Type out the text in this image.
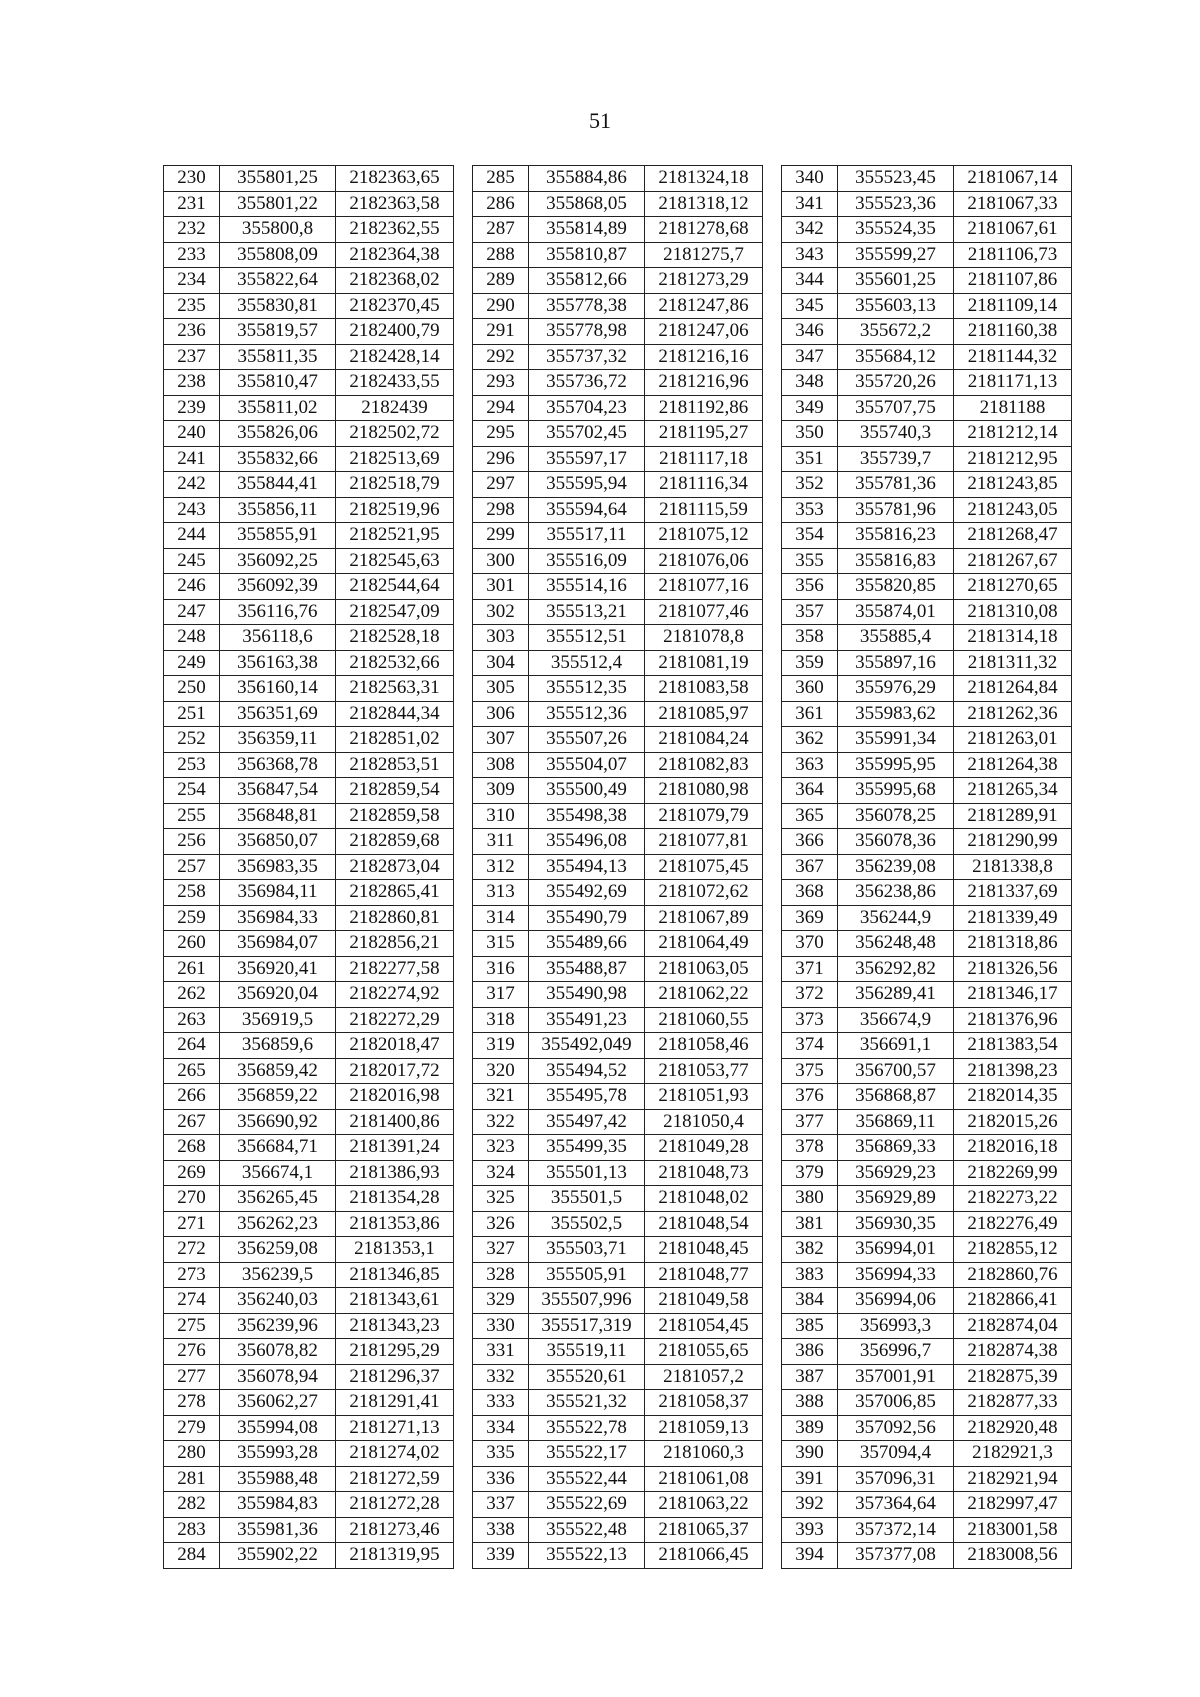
51
230	355801,25	2182363,65
231	355801,22	2182363,58
232	355800,8	2182362,55
233	355808,09	2182364,38
234	355822,64	2182368,02
235	355830,81	2182370,45
236	355819,57	2182400,79
237	355811,35	2182428,14
238	355810,47	2182433,55
239	355811,02	2182439
240	355826,06	2182502,72
241	355832,66	2182513,69
242	355844,41	2182518,79
243	355856,11	2182519,96
244	355855,91	2182521,95
245	356092,25	2182545,63
246	356092,39	2182544,64
247	356116,76	2182547,09
248	356118,6	2182528,18
249	356163,38	2182532,66
250	356160,14	2182563,31
251	356351,69	2182844,34
252	356359,11	2182851,02
253	356368,78	2182853,51
254	356847,54	2182859,54
255	356848,81	2182859,58
256	356850,07	2182859,68
257	356983,35	2182873,04
258	356984,11	2182865,41
259	356984,33	2182860,81
260	356984,07	2182856,21
261	356920,41	2182277,58
262	356920,04	2182274,92
263	356919,5	2182272,29
264	356859,6	2182018,47
265	356859,42	2182017,72
266	356859,22	2182016,98
267	356690,92	2181400,86
268	356684,71	2181391,24
269	356674,1	2181386,93
270	356265,45	2181354,28
271	356262,23	2181353,86
272	356259,08	2181353,1
273	356239,5	2181346,85
274	356240,03	2181343,61
275	356239,96	2181343,23
276	356078,82	2181295,29
277	356078,94	2181296,37
278	356062,27	2181291,41
279	355994,08	2181271,13
280	355993,28	2181274,02
281	355988,48	2181272,59
282	355984,83	2181272,28
283	355981,36	2181273,46
284	355902,22	2181319,95
285	355884,86	2181324,18
286	355868,05	2181318,12
287	355814,89	2181278,68
288	355810,87	2181275,7
289	355812,66	2181273,29
290	355778,38	2181247,86
291	355778,98	2181247,06
292	355737,32	2181216,16
293	355736,72	2181216,96
294	355704,23	2181192,86
295	355702,45	2181195,27
296	355597,17	2181117,18
297	355595,94	2181116,34
298	355594,64	2181115,59
299	355517,11	2181075,12
300	355516,09	2181076,06
301	355514,16	2181077,16
302	355513,21	2181077,46
303	355512,51	2181078,8
304	355512,4	2181081,19
305	355512,35	2181083,58
306	355512,36	2181085,97
307	355507,26	2181084,24
308	355504,07	2181082,83
309	355500,49	2181080,98
310	355498,38	2181079,79
311	355496,08	2181077,81
312	355494,13	2181075,45
313	355492,69	2181072,62
314	355490,79	2181067,89
315	355489,66	2181064,49
316	355488,87	2181063,05
317	355490,98	2181062,22
318	355491,23	2181060,55
319	355492,049	2181058,46
320	355494,52	2181053,77
321	355495,78	2181051,93
322	355497,42	2181050,4
323	355499,35	2181049,28
324	355501,13	2181048,73
325	355501,5	2181048,02
326	355502,5	2181048,54
327	355503,71	2181048,45
328	355505,91	2181048,77
329	355507,996	2181049,58
330	355517,319	2181054,45
331	355519,11	2181055,65
332	355520,61	2181057,2
333	355521,32	2181058,37
334	355522,78	2181059,13
335	355522,17	2181060,3
336	355522,44	2181061,08
337	355522,69	2181063,22
338	355522,48	2181065,37
339	355522,13	2181066,45
340	355523,45	2181067,14
341	355523,36	2181067,33
342	355524,35	2181067,61
343	355599,27	2181106,73
344	355601,25	2181107,86
345	355603,13	2181109,14
346	355672,2	2181160,38
347	355684,12	2181144,32
348	355720,26	2181171,13
349	355707,75	2181188
350	355740,3	2181212,14
351	355739,7	2181212,95
352	355781,36	2181243,85
353	355781,96	2181243,05
354	355816,23	2181268,47
355	355816,83	2181267,67
356	355820,85	2181270,65
357	355874,01	2181310,08
358	355885,4	2181314,18
359	355897,16	2181311,32
360	355976,29	2181264,84
361	355983,62	2181262,36
362	355991,34	2181263,01
363	355995,95	2181264,38
364	355995,68	2181265,34
365	356078,25	2181289,91
366	356078,36	2181290,99
367	356239,08	2181338,8
368	356238,86	2181337,69
369	356244,9	2181339,49
370	356248,48	2181318,86
371	356292,82	2181326,56
372	356289,41	2181346,17
373	356674,9	2181376,96
374	356691,1	2181383,54
375	356700,57	2181398,23
376	356868,87	2182014,35
377	356869,11	2182015,26
378	356869,33	2182016,18
379	356929,23	2182269,99
380	356929,89	2182273,22
381	356930,35	2182276,49
382	356994,01	2182855,12
383	356994,33	2182860,76
384	356994,06	2182866,41
385	356993,3	2182874,04
386	356996,7	2182874,38
387	357001,91	2182875,39
388	357006,85	2182877,33
389	357092,56	2182920,48
390	357094,4	2182921,3
391	357096,31	2182921,94
392	357364,64	2182997,47
393	357372,14	2183001,58
394	357377,08	2183008,56
